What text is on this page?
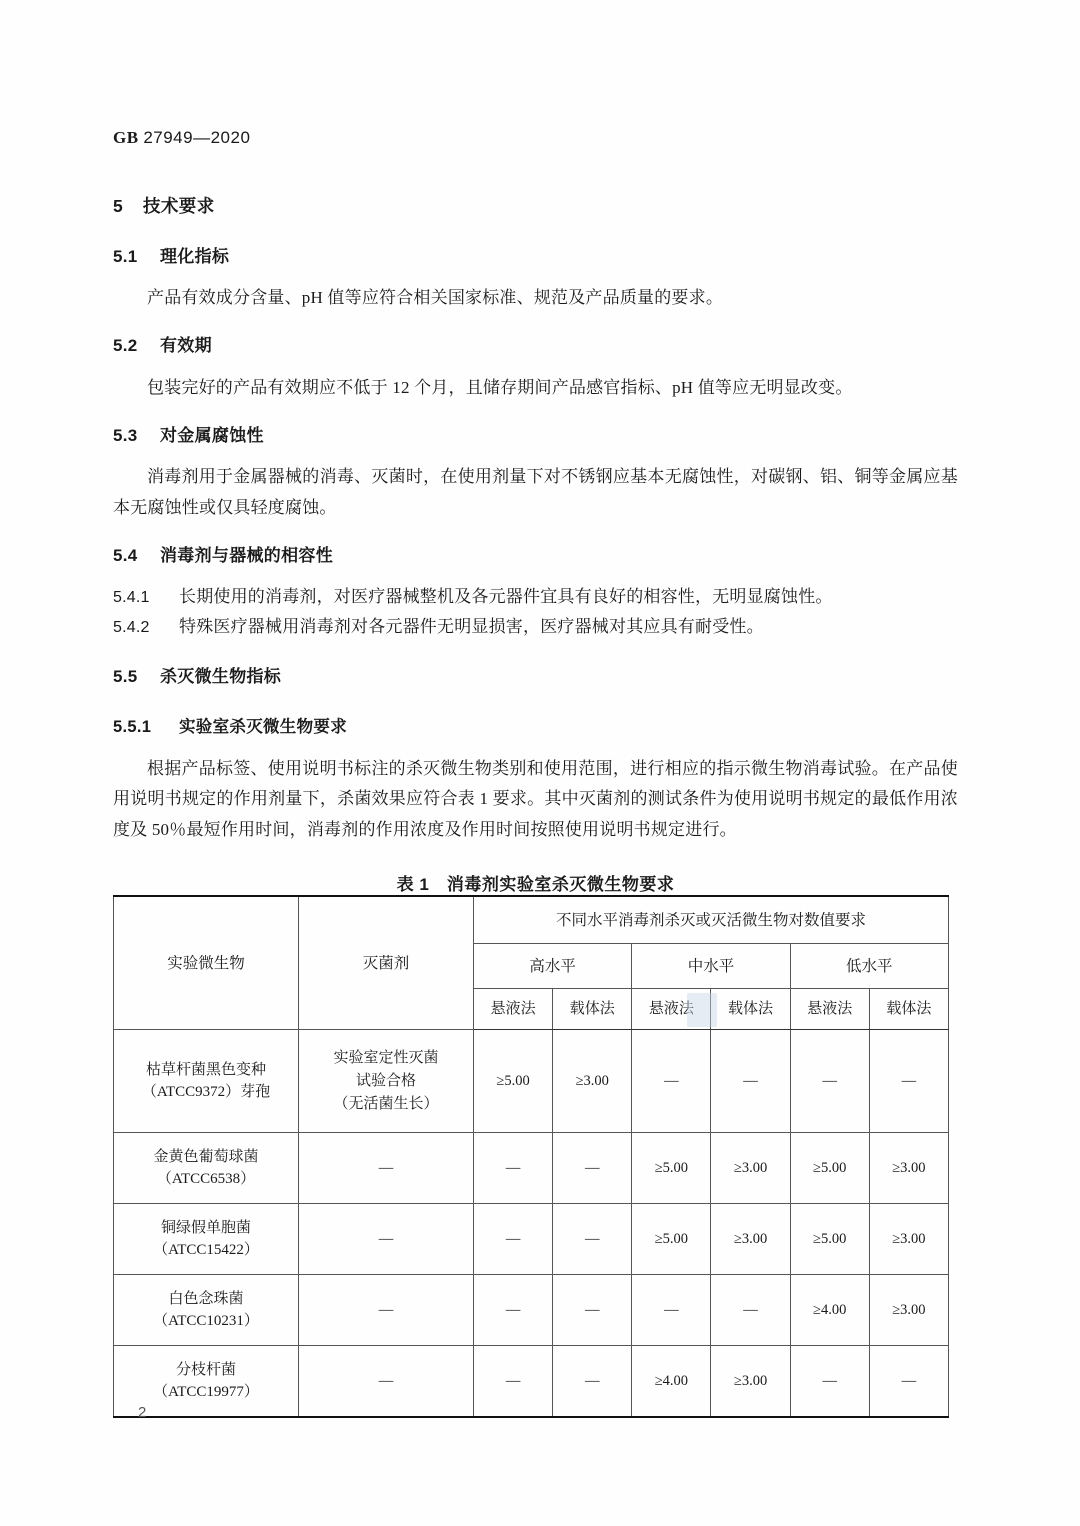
GB 27949—2020
5 技术要求
5.1 理化指标

产品有效成分含量、pH 值等应符合相关国家标准、规范及产品质量的要求。

5.2 有效期

包装完好的产品有效期应不低于 12 个月，且储存期间产品感官指标、pH 值等应无明显改变。

5.3 对金属腐蚀性

消毒剂用于金属器械的消毒、灭菌时，在使用剂量下对不锈钢应基本无腐蚀性，对碳钢、铝、铜等金属应基本无腐蚀性或仅具轻度腐蚀。

5.4 消毒剂与器械的相容性

5.4.1 长期使用的消毒剂，对医疗器械整机及各元器件宜具有良好的相容性，无明显腐蚀性。

5.4.2 特殊医疗器械用消毒剂对各元器件无明显损害，医疗器械对其应具有耐受性。

5.5 杀灭微生物指标
5.5.1 实验室杀灭微生物要求

根据产品标签、使用说明书标注的杀灭微生物类别和使用范围，进行相应的指示微生物消毒试验。在产品使用说明书规定的作用剂量下，杀菌效果应符合表 1 要求。其中灭菌剂的测试条件为使用说明书规定的最低作用浓度及 50％最短作用时间，消毒剂的作用浓度及作用时间按照使用说明书规定进行。

表 1　消毒剂实验室杀灭微生物要求

实验微生物	灭菌剂	不同水平消毒剂杀灭或灭活微生物对数值要求					
		高水平		中水平		低水平	
		悬液法	载体法	悬液法	载体法	悬液法	载体法

枯草杆菌黑色变种
（ATCC9372）芽孢	实验室定性灭菌
试验合格
（无活菌生长）	≥5.00	≥3.00	—	—	—	—

金黄色葡萄球菌
（ATCC6538）	—	—	—	≥5.00	≥3.00	≥5.00	≥3.00

铜绿假单胞菌
（ATCC15422）	—	—	—	≥5.00	≥3.00	≥5.00	≥3.00

白色念珠菌
（ATCC10231）	—	—	—	—	—	≥4.00	≥3.00

分枝杆菌
（ATCC19977）	—	—	—	≥4.00	≥3.00	—	—
2
